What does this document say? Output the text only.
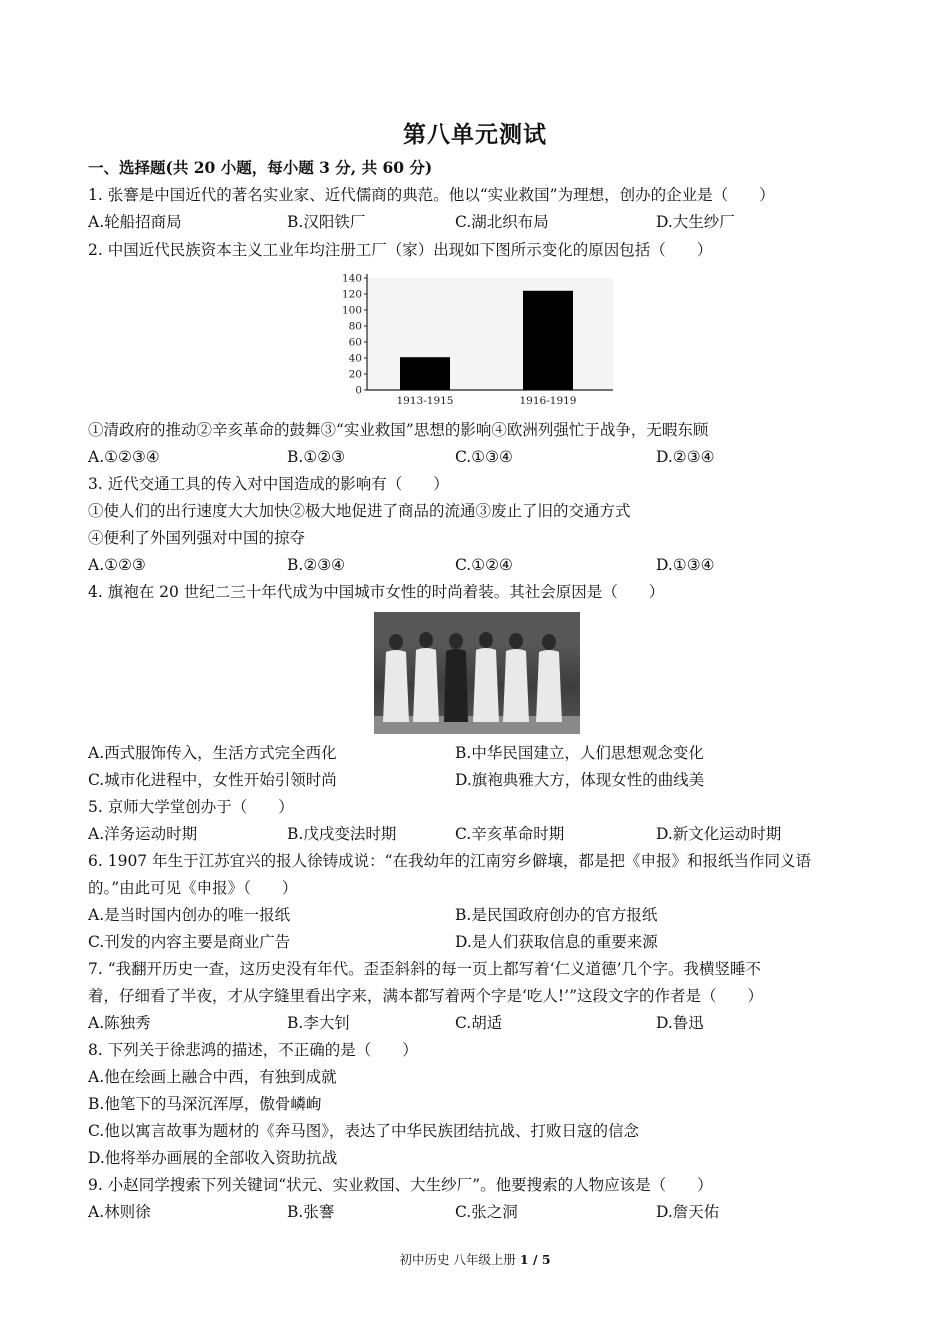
第八单元测试
一、选择题(共 20 小题，每小题 3 分, 共 60 分)
1. 张謇是中国近代的著名实业家、近代儒商的典范。他以“实业救国”为理想，创办的企业是（　　）
A.轮船招商局	B.汉阳铁厂	C.湖北织布局	D.大生纱厂
2. 中国近代民族资本主义工业年均注册工厂（家）出现如下图所示变化的原因包括（　　）
0
20
40
60
80
100
120
140
1913-1915	1916-1919
①清政府的推动②辛亥革命的鼓舞③“实业救国”思想的影响④欧洲列强忙于战争，无暇东顾
A.①②③④	B.①②③	C.①③④	D.②③④
3. 近代交通工具的传入对中国造成的影响有（　　）
①使人们的出行速度大大加快②极大地促进了商品的流通③废止了旧的交通方式
④便利了外国列强对中国的掠夺
A.①②③	B.②③④	C.①②④	D.①③④
4. 旗袍在 20 世纪二三十年代成为中国城市女性的时尚着装。其社会原因是（　　）
A.西式服饰传入，生活方式完全西化	B.中华民国建立，人们思想观念变化
C.城市化进程中，女性开始引领时尚	D.旗袍典雅大方，体现女性的曲线美
5. 京师大学堂创办于（　　）
A.洋务运动时期	B.戊戌变法时期	C.辛亥革命时期	D.新文化运动时期
6. 1907 年生于江苏宜兴的报人徐铸成说：“在我幼年的江南穷乡僻壤，都是把《申报》和报纸当作同义语
的。”由此可见《申报》（　　）
A.是当时国内创办的唯一报纸	B.是民国政府创办的官方报纸
C.刊发的内容主要是商业广告	D.是人们获取信息的重要来源
7. “我翻开历史一查，这历史没有年代。歪歪斜斜的每一页上都写着‘仁义道德’几个字。我横竖睡不
着，仔细看了半夜，才从字缝里看出字来，满本都写着两个字是‘吃人!’”这段文字的作者是（　　）
A.陈独秀	B.李大钊	C.胡适	D.鲁迅
8. 下列关于徐悲鸿的描述，不正确的是（　　）
A.他在绘画上融合中西，有独到成就
B.他笔下的马深沉浑厚，傲骨嶙峋
C.他以寓言故事为题材的《奔马图》，表达了中华民族团结抗战、打败日寇的信念
D.他将举办画展的全部收入资助抗战
9. 小赵同学搜索下列关键词“状元、实业救国、大生纱厂”。他要搜索的人物应该是（　　）
A.林则徐	B.张謇	C.张之洞	D.詹天佑
初中历史 八年级上册 1 / 5
